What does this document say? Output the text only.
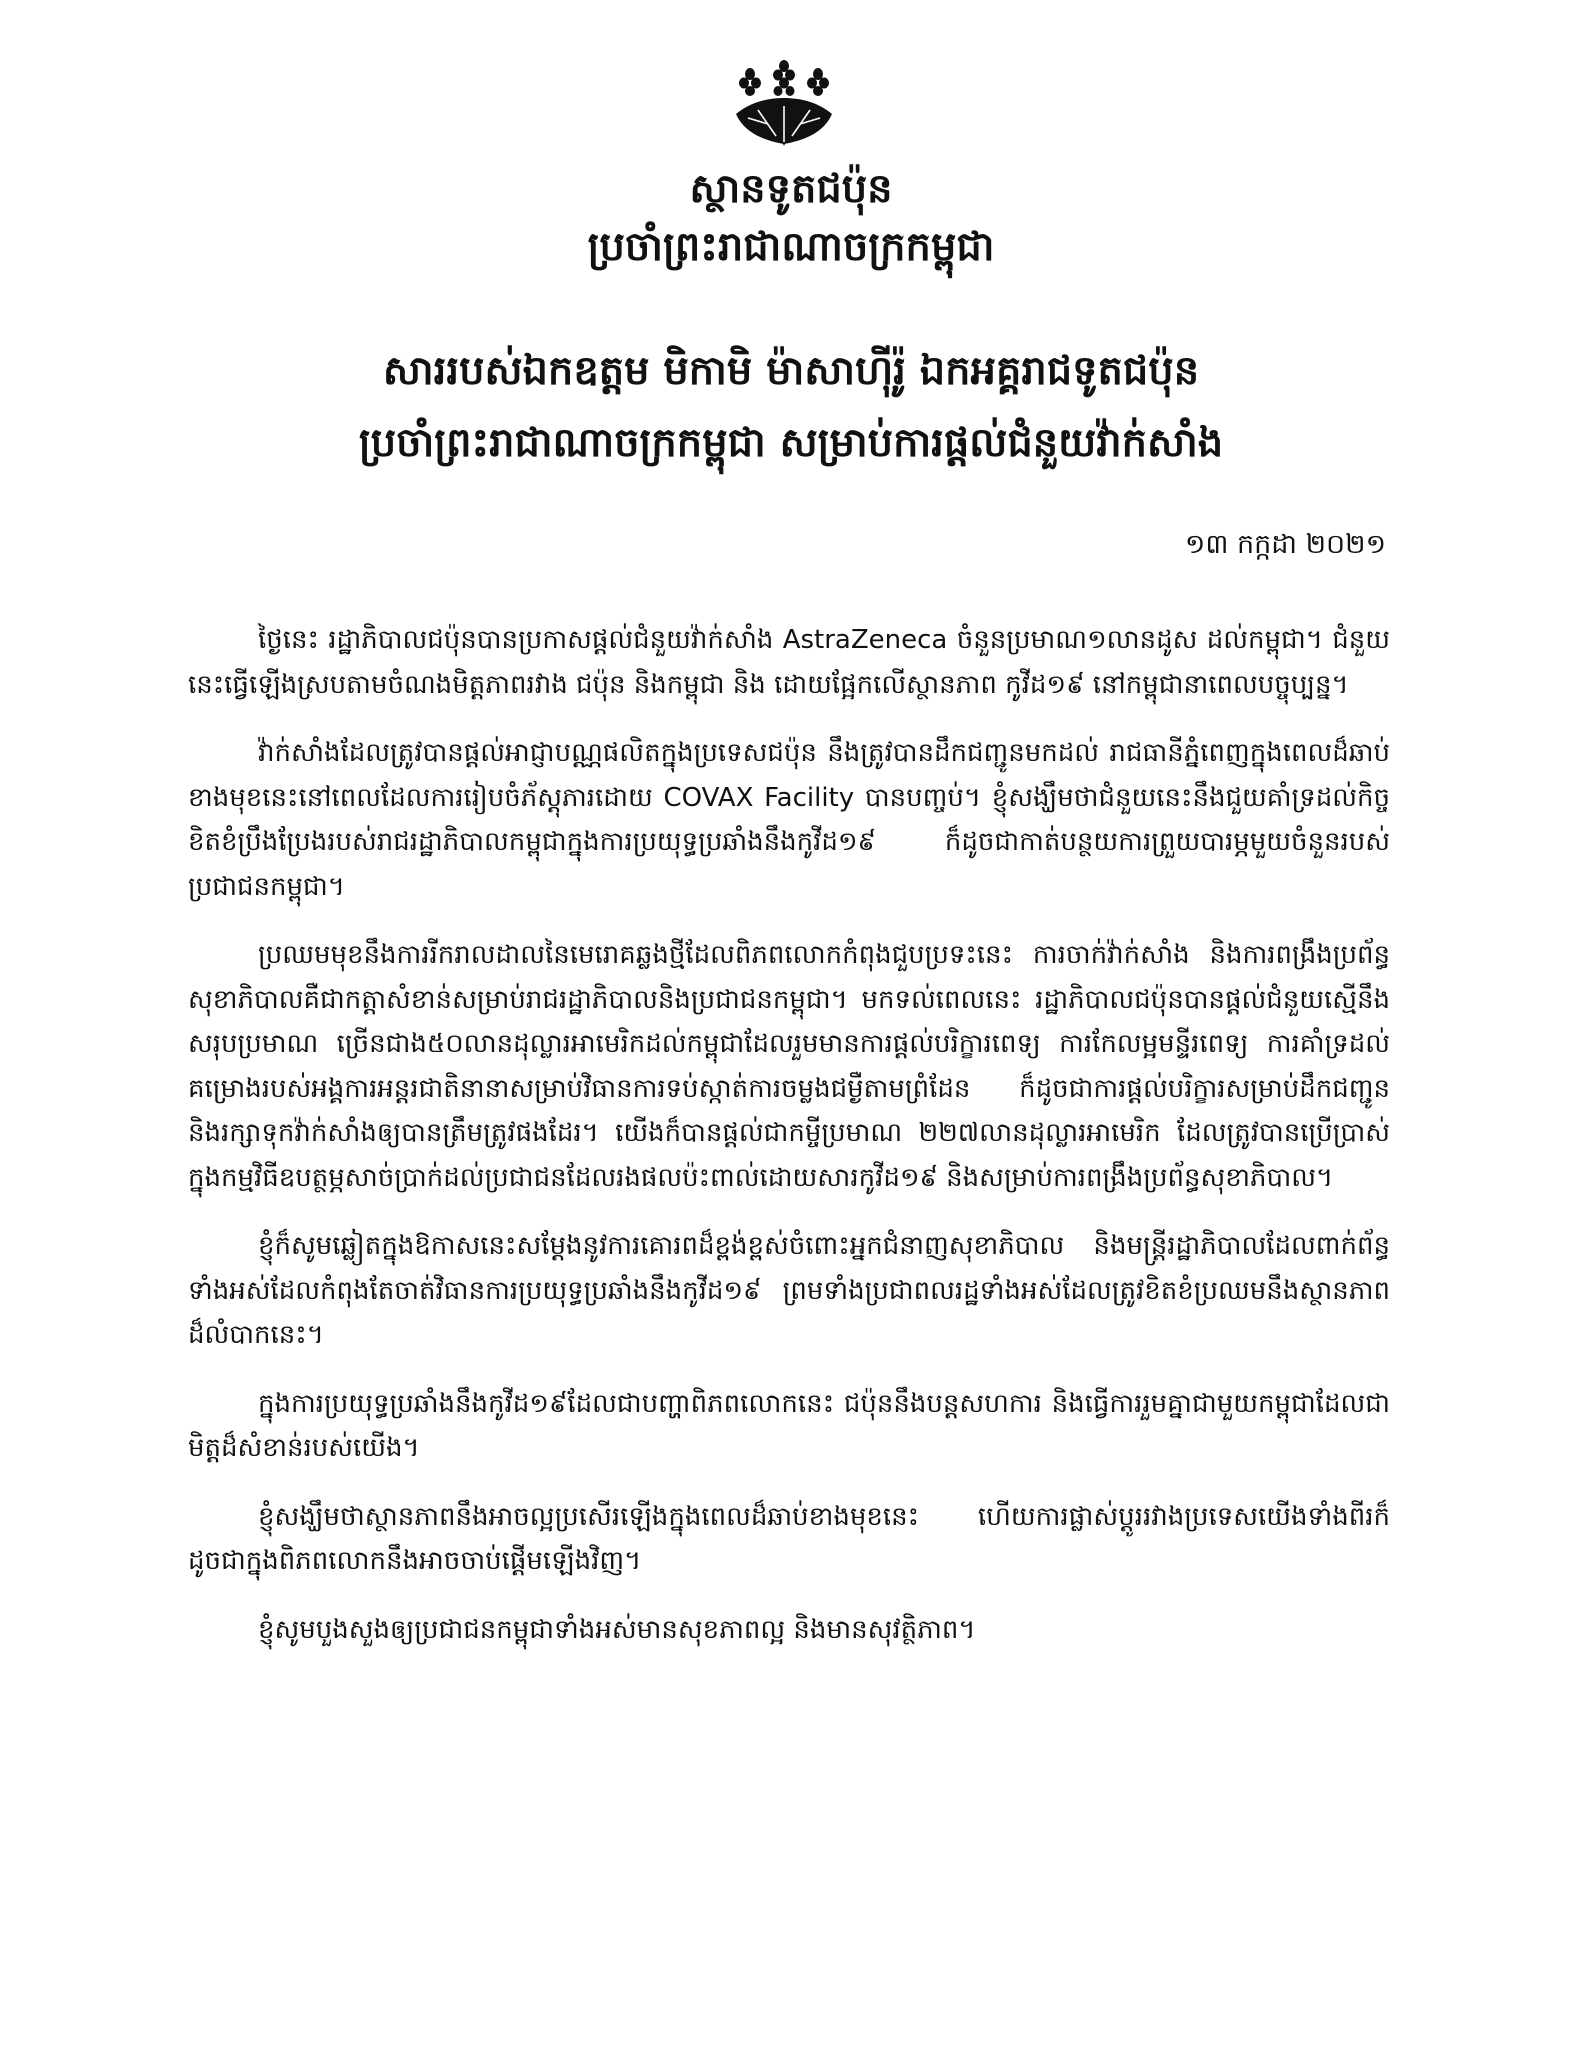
ស្ថានទូតជប៉ុន
ប្រចាំព្រះរាជាណាចក្រកម្ពុជា
សាររបស់ឯកឧត្តម មិកាមិ ម៉ាសាហ៊ីរ៉ូ ឯកអគ្គរាជទូតជប៉ុន
ប្រចាំព្រះរាជាណាចក្រកម្ពុជា សម្រាប់ការផ្តល់ជំនួយវ៉ាក់សាំង
១៣ កក្កដា ២០២១

ថ្ងៃនេះ រដ្ឋាភិបាលជប៉ុនបានប្រកាសផ្តល់ជំនួយវ៉ាក់សាំង AstraZeneca ចំនួនប្រមាណ១លានដូស ដល់កម្ពុជា។ ជំនួយនេះធ្វើឡើងស្របតាមចំណងមិត្តភាពរវាង ជប៉ុន និងកម្ពុជា និង ដោយផ្អែកលើស្ថានភាព កូវីដ១៩ នៅកម្ពុជានាពេលបច្ចុប្បន្ន។

វ៉ាក់សាំងដែលត្រូវបានផ្តល់អាជ្ញាបណ្ណផលិតក្នុងប្រទេសជប៉ុន នឹងត្រូវបានដឹកជញ្ជូនមកដល់ រាជធានីភ្នំពេញក្នុងពេលដ៏ឆាប់ខាងមុខនេះនៅពេលដែលការរៀបចំភ័ស្តុភារដោយ COVAX Facility បានបញ្ចប់។ ខ្ញុំសង្ឃឹមថាជំនួយនេះនឹងជួយគាំទ្រដល់កិច្ចខិតខំប្រឹងប្រែងរបស់រាជរដ្ឋាភិបាលកម្ពុជាក្នុងការប្រយុទ្ធប្រឆាំងនឹងកូវីដ១៩ ក៏ដូចជាកាត់បន្ថយការព្រួយបារម្ភមួយចំនួនរបស់ប្រជាជនកម្ពុជា។

ប្រឈមមុខនឹងការរីករាលដាលនៃមេរោគឆ្លងថ្មីដែលពិភពលោកកំពុងជួបប្រទះនេះ ការចាក់វ៉ាក់សាំង និងការពង្រឹងប្រព័ន្ធសុខាភិបាលគឺជាកត្តាសំខាន់សម្រាប់រាជរដ្ឋាភិបាលនិងប្រជាជនកម្ពុជា។ មកទល់ពេលនេះ រដ្ឋាភិបាលជប៉ុនបានផ្តល់ជំនួយស្មើនឹងសរុបប្រមាណ ច្រើនជាង៥០លានដុល្លារអាមេរិកដល់កម្ពុជាដែលរួមមានការផ្តល់បរិក្ខារពេទ្យ ការកែលម្អមន្ទីរពេទ្យ ការគាំទ្រដល់គម្រោងរបស់អង្គការអន្តរជាតិនានាសម្រាប់វិធានការទប់ស្កាត់ការចម្លងជម្ងឺតាមព្រំដែន ក៏ដូចជាការផ្តល់បរិក្ខារសម្រាប់ដឹកជញ្ជូន និងរក្សាទុកវ៉ាក់សាំងឲ្យបានត្រឹមត្រូវផងដែរ។ យើងក៏បានផ្តល់ជាកម្ចីប្រមាណ ២២៧លានដុល្លារអាមេរិក ដែលត្រូវបានប្រើប្រាស់ក្នុងកម្មវិធីឧបត្ថម្ភសាច់ប្រាក់ដល់ប្រជាជនដែលរងផលប៉ះពាល់ដោយសារកូវីដ១៩ និងសម្រាប់ការពង្រឹងប្រព័ន្ធសុខាភិបាល។

ខ្ញុំក៏សូមឆ្លៀតក្នុងឱកាសនេះសម្តែងនូវការគោរពដ៏ខ្ពង់ខ្ពស់ចំពោះអ្នកជំនាញសុខាភិបាល និងមន្ត្រីរដ្ឋាភិបាលដែលពាក់ព័ន្ធទាំងអស់ដែលកំពុងតែចាត់វិធានការប្រយុទ្ធប្រឆាំងនឹងកូវីដ១៩ ព្រមទាំងប្រជាពលរដ្ឋទាំងអស់ដែលត្រូវខិតខំប្រឈមនឹងស្ថានភាពដ៏លំបាកនេះ។

ក្នុងការប្រយុទ្ធប្រឆាំងនឹងកូវីដ១៩ដែលជាបញ្ហាពិភពលោកនេះ ជប៉ុននឹងបន្តសហការ និងធ្វើការរួមគ្នាជាមួយកម្ពុជាដែលជាមិត្តដ៏សំខាន់របស់យើង។

ខ្ញុំសង្ឃឹមថាស្ថានភាពនឹងអាចល្អប្រសើរឡើងក្នុងពេលដ៏ឆាប់ខាងមុខនេះ ហើយការផ្លាស់ប្តូររវាងប្រទេសយើងទាំងពីរក៏ដូចជាក្នុងពិភពលោកនឹងអាចចាប់ផ្តើមឡើងវិញ។

ខ្ញុំសូមបួងសួងឲ្យប្រជាជនកម្ពុជាទាំងអស់មានសុខភាពល្អ និងមានសុវត្ថិភាព។
